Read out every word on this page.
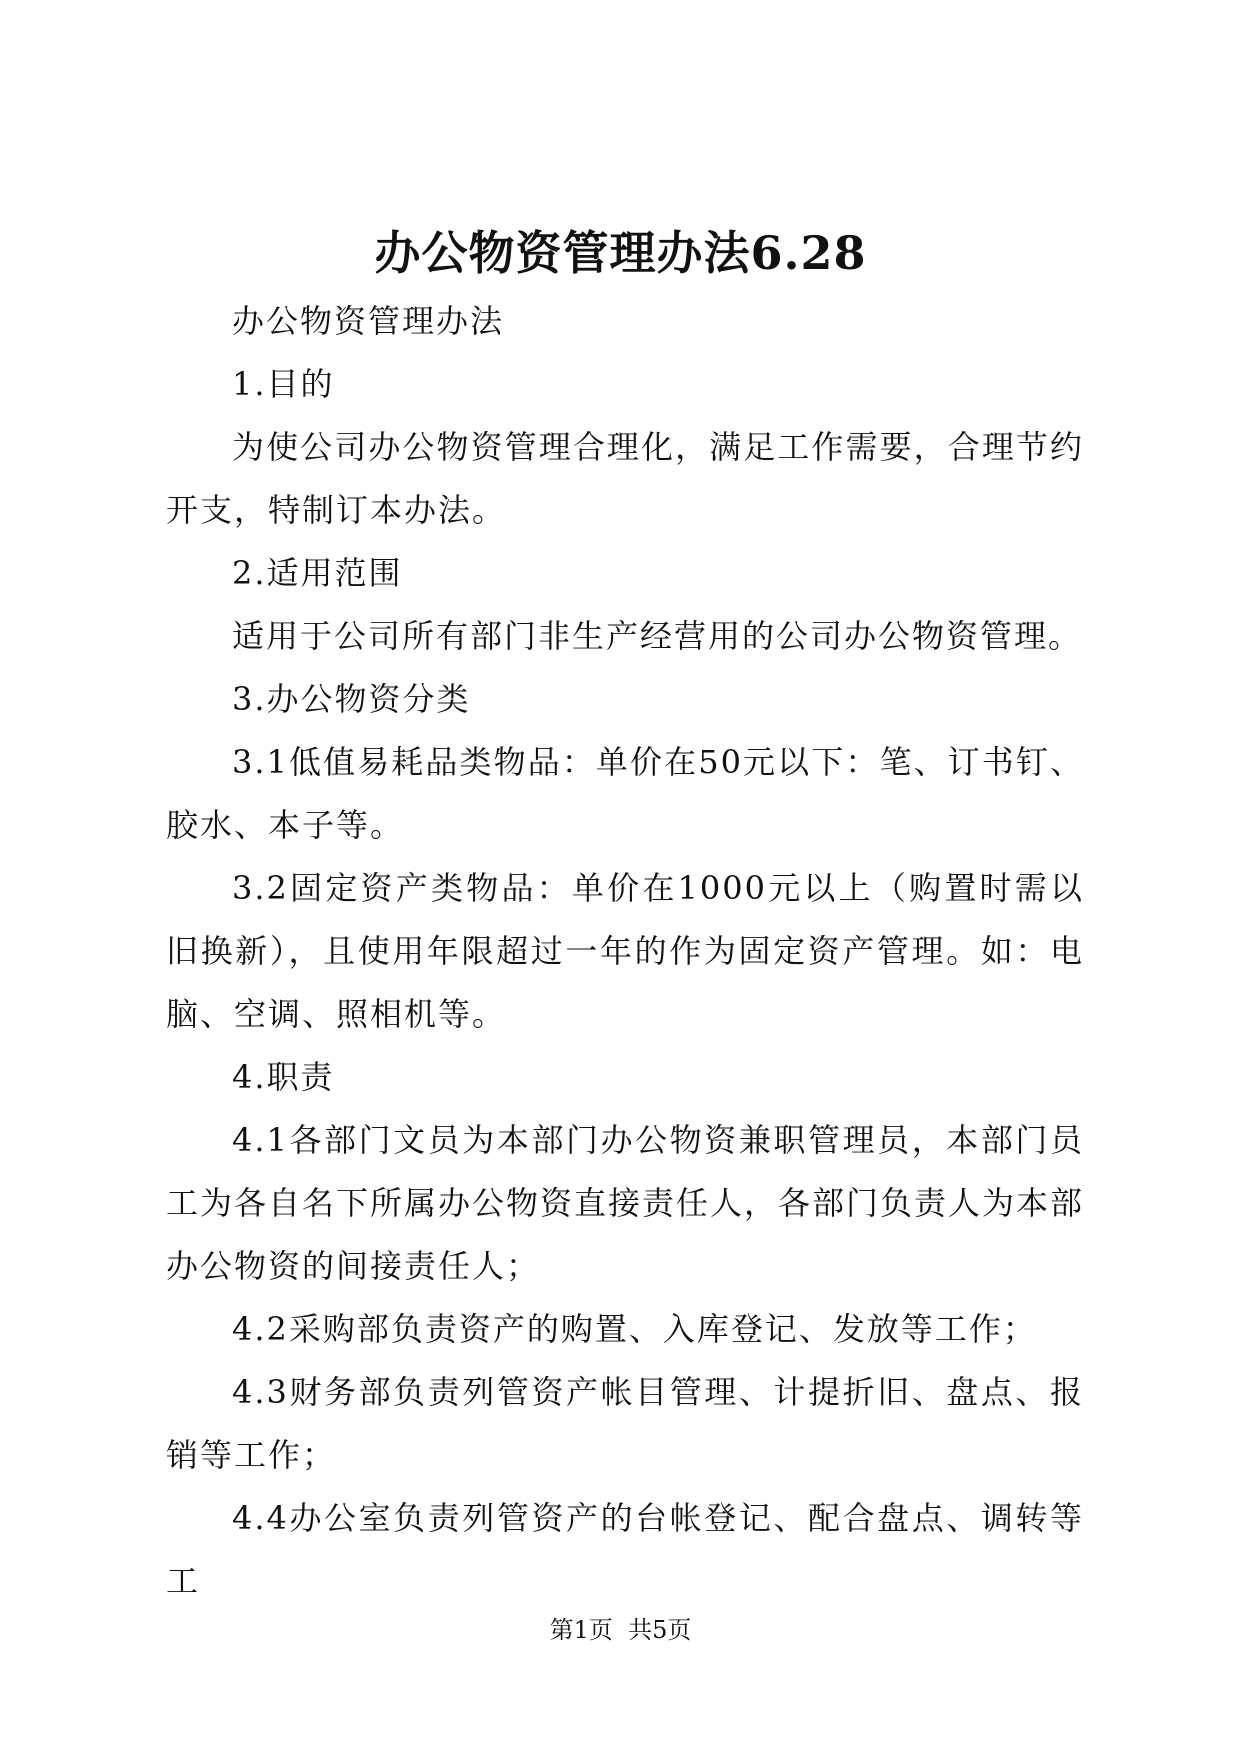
办公物资管理办法6.28

办公物资管理办法

1.目的

为使公司办公物资管理合理化，满足工作需要，合理节约开支，特制订本办法。

2.适用范围

适用于公司所有部门非生产经营用的公司办公物资管理。

3.办公物资分类

3.1低值易耗品类物品：单价在50元以下：笔、订书钉、胶水、本子等。

3.2固定资产类物品：单价在1000元以上（购置时需以旧换新），且使用年限超过一年的作为固定资产管理。如：电脑、空调、照相机等。

4.职责

4.1各部门文员为本部门办公物资兼职管理员，本部门员工为各自名下所属办公物资直接责任人，各部门负责人为本部办公物资的间接责任人；

4.2采购部负责资产的购置、入库登记、发放等工作；

4.3财务部负责列管资产帐目管理、计提折旧、盘点、报销等工作；

4.4办公室负责列管资产的台帐登记、配合盘点、调转等工

第1页  共5页
